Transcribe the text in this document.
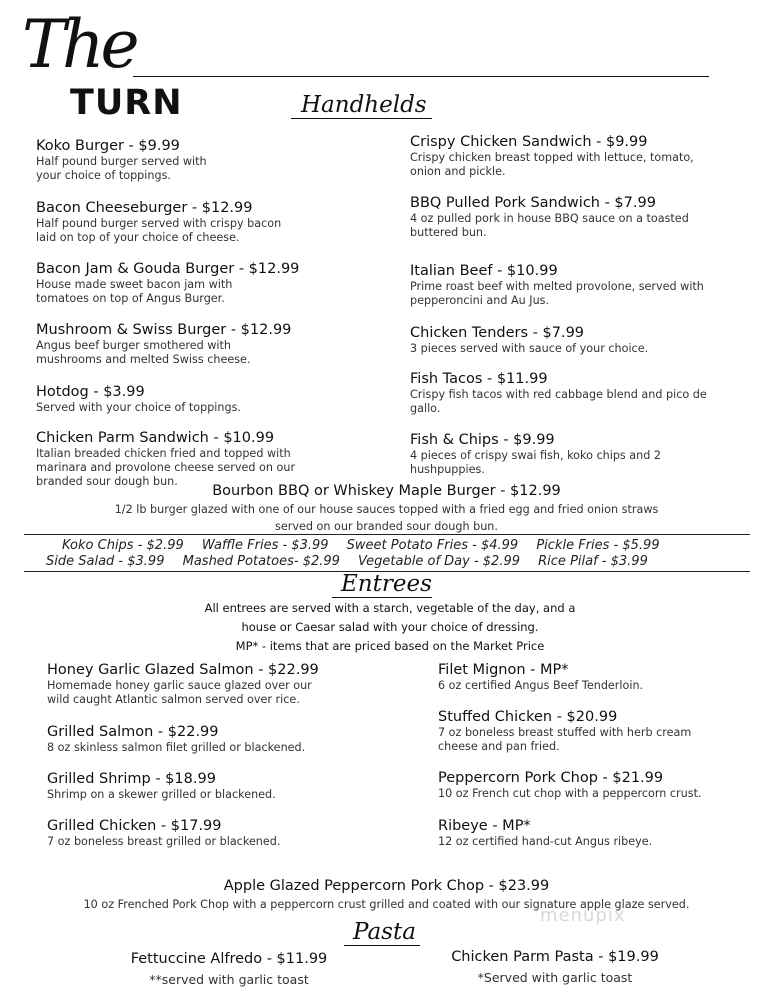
The
TURN	Handhelds
Koko Burger - $9.99
Half pound burger served with
your choice of toppings.
Bacon Cheeseburger - $12.99
Half pound burger served with crispy bacon
laid on top of your choice of cheese.
Bacon Jam & Gouda Burger - $12.99
House made sweet bacon jam with
tomatoes on top of Angus Burger.
Mushroom & Swiss Burger - $12.99
Angus beef burger smothered with
mushrooms and melted Swiss cheese.
Hotdog - $3.99
Served with your choice of toppings.
Chicken Parm Sandwich - $10.99
Italian breaded chicken fried and topped with
marinara and provolone cheese served on our
branded sour dough bun.
Crispy Chicken Sandwich - $9.99
Crispy chicken breast topped with lettuce, tomato,
onion and pickle.
BBQ Pulled Pork Sandwich - $7.99
4 oz pulled pork in house BBQ sauce on a toasted
buttered bun.
Italian Beef - $10.99
Prime roast beef with melted provolone, served with
pepperoncini and Au Jus.
Chicken Tenders - $7.99
3 pieces served with sauce of your choice.
Fish Tacos - $11.99
Crispy fish tacos with red cabbage blend and pico de
gallo.
Fish & Chips - $9.99
4 pieces of crispy swai fish, koko chips and 2
hushpuppies.
Bourbon BBQ or Whiskey Maple Burger - $12.99
1/2 lb burger glazed with one of our house sauces topped with a fried egg and fried onion straws
served on our branded sour dough bun.
Koko Chips - $2.99 Waffle Fries - $3.99 Sweet Potato Fries - $4.99 Pickle Fries - $5.99
Side Salad - $3.99 Mashed Potatoes- $2.99 Vegetable of Day - $2.99 Rice Pilaf - $3.99
Entrees
All entrees are served with a starch, vegetable of the day, and a
house or Caesar salad with your choice of dressing.
MP* - items that are priced based on the Market Price
Honey Garlic Glazed Salmon - $22.99
Homemade honey garlic sauce glazed over our
wild caught Atlantic salmon served over rice.
Grilled Salmon - $22.99
8 oz skinless salmon filet grilled or blackened.
Grilled Shrimp - $18.99
Shrimp on a skewer grilled or blackened.
Grilled Chicken - $17.99
7 oz boneless breast grilled or blackened.
Filet Mignon - MP*
6 oz certified Angus Beef Tenderloin.
Stuffed Chicken - $20.99
7 oz boneless breast stuffed with herb cream
cheese and pan fried.
Peppercorn Pork Chop - $21.99
10 oz French cut chop with a peppercorn crust.
Ribeye - MP*
12 oz certified hand-cut Angus ribeye.
Apple Glazed Peppercorn Pork Chop - $23.99
10 oz Frenched Pork Chop with a peppercorn crust grilled and coated with our signature apple glaze served.
menupix
Pasta
Fettuccine Alfredo - $11.99
**served with garlic toast
Chicken Parm Pasta - $19.99
*Served with garlic toast
